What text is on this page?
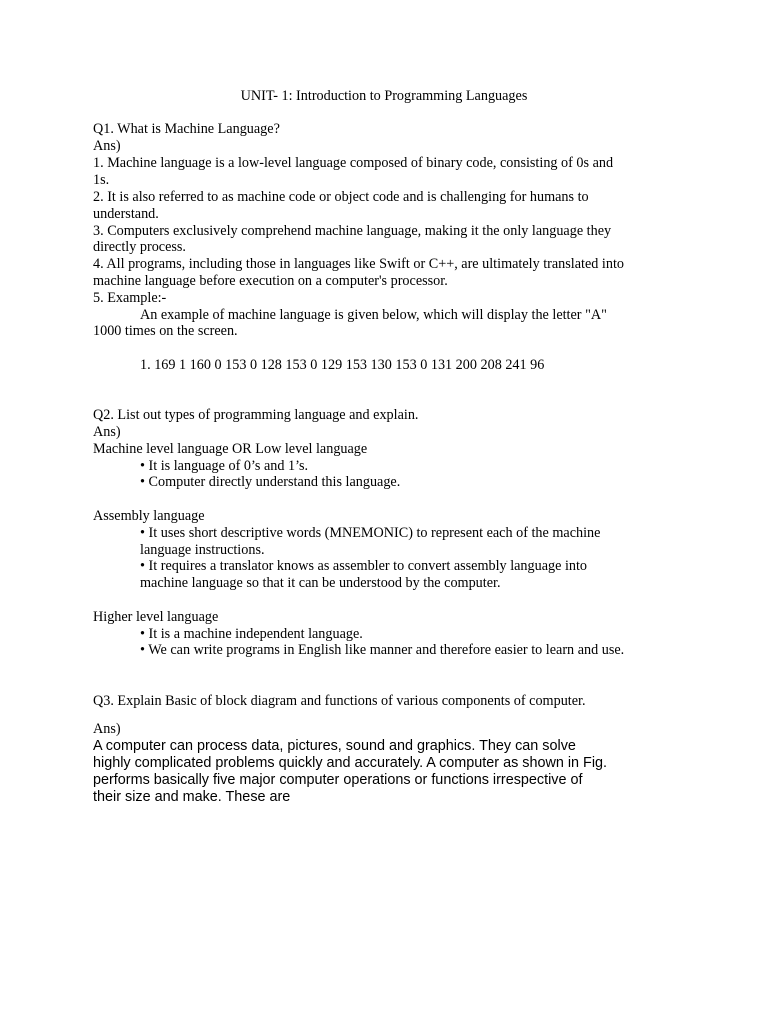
UNIT- 1: Introduction to Programming Languages
Q1. What is Machine Language?
Ans)
1. Machine language is a low-level language composed of binary code, consisting of 0s and
1s.
2. It is also referred to as machine code or object code and is challenging for humans to
understand.
3. Computers exclusively comprehend machine language, making it the only language they
directly process.
4. All programs, including those in languages like Swift or C++, are ultimately translated into
machine language before execution on a computer's processor.
5. Example:-
An example of machine language is given below, which will display the letter "A"
1000 times on the screen.
1. 169 1 160 0 153 0 128 153 0 129 153 130 153 0 131 200 208 241 96
Q2. List out types of programming language and explain.
Ans)
Machine level language OR Low level language
• It is language of 0’s and 1’s.
• Computer directly understand this language.
Assembly language
• It uses short descriptive words (MNEMONIC) to represent each of the machine
language instructions.
• It requires a translator knows as assembler to convert assembly language into
machine language so that it can be understood by the computer.
Higher level language
• It is a machine independent language.
• We can write programs in English like manner and therefore easier to learn and use.
Q3. Explain Basic of block diagram and functions of various components of computer.
Ans)
A computer can process data, pictures, sound and graphics. They can solve
highly complicated problems quickly and accurately. A computer as shown in Fig.
performs basically five major computer operations or functions irrespective of
their size and make. These are
